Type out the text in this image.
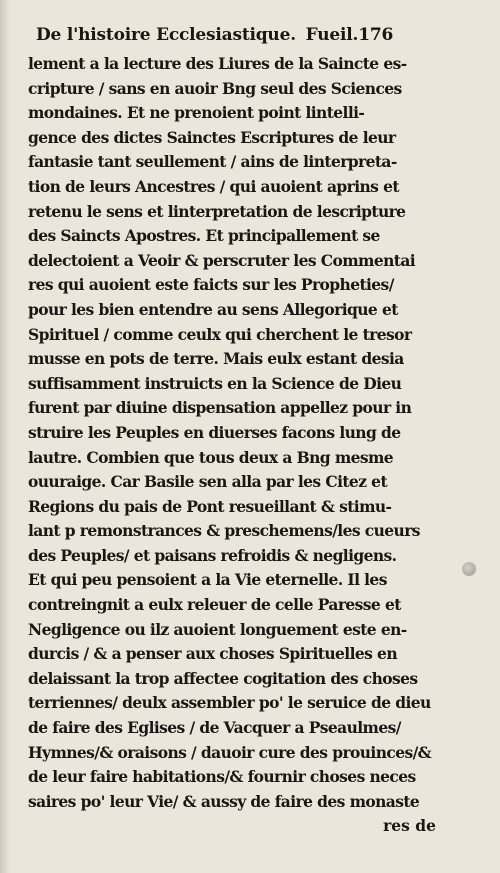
De l'histoire Ecclesiastique. Fueil.176
lement a la lecture des Liures de la Saincte es-
cripture / sans en auoir Bng seul des Sciences
mondaines. Et ne prenoient point lintelli-
gence des dictes Sainctes Escriptures de leur
fantasie tant seullement / ains de linterpreta-
tion de leurs Ancestres / qui auoient aprins et
retenu le sens et linterpretation de lescripture
des Saincts Apostres. Et principallement se
delectoient a Veoir & perscruter les Commentai
res qui auoient este faicts sur les Propheties/
pour les bien entendre au sens Allegorique et
Spirituel / comme ceulx qui cherchent le tresor
musse en pots de terre. Mais eulx estant desia
suffisamment instruicts en la Science de Dieu
furent par diuine dispensation appellez pour in
struire les Peuples en diuerses facons lung de
lautre. Combien que tous deux a Bng mesme
ouuraige. Car Basile sen alla par les Citez et
Regions du pais de Pont resueillant & stimu-
lant p remonstrances & preschemens/les cueurs
des Peuples/ et paisans refroidis & negligens.
Et qui peu pensoient a la Vie eternelle. Il les
contreingnit a eulx releuer de celle Paresse et
Negligence ou ilz auoient longuement este en-
durcis / & a penser aux choses Spirituelles en
delaissant la trop affectee cogitation des choses
terriennes/ deulx assembler po' le seruice de dieu
de faire des Eglises / de Vacquer a Pseaulmes/
Hymnes/& oraisons / dauoir cure des prouinces/&
de leur faire habitations/& fournir choses neces
saires po' leur Vie/ & aussy de faire des monaste
res de
